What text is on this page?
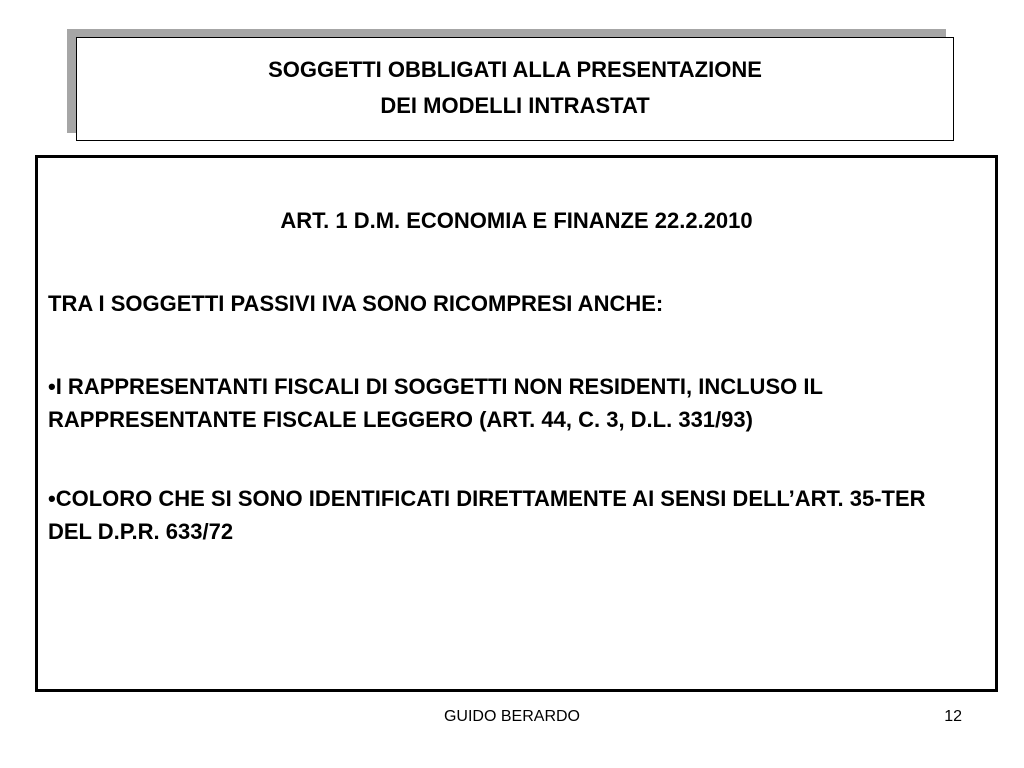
SOGGETTI OBBLIGATI ALLA PRESENTAZIONE
DEI MODELLI INTRASTAT
ART. 1 D.M. ECONOMIA E FINANZE 22.2.2010
TRA I SOGGETTI PASSIVI IVA SONO RICOMPRESI ANCHE:
•I RAPPRESENTANTI FISCALI DI SOGGETTI NON RESIDENTI, INCLUSO IL RAPPRESENTANTE FISCALE LEGGERO (ART. 44, C. 3, D.L. 331/93)
•COLORO CHE SI SONO IDENTIFICATI DIRETTAMENTE AI SENSI DELL’ART. 35-TER DEL D.P.R. 633/72
GUIDO BERARDO	12
